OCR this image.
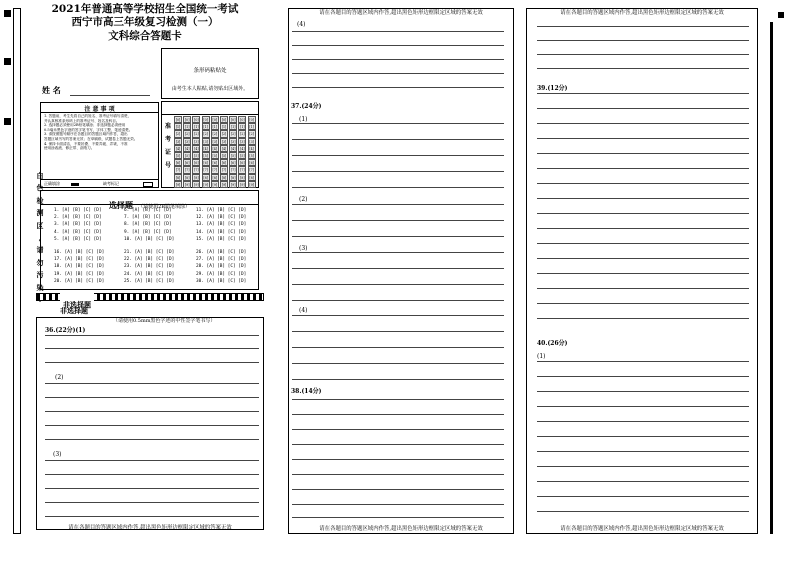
白
色
检
测
区
,
请
勿
污
染
2021年普通高等学校招生全国统一考试
西宁市高三年级复习检测（一）
文科综合答题卡
条形码粘贴处
由考生本人粘贴,请勿贴出区域外。
姓 名
注 意 事 项
1. 答题前，考生先将自己的姓名、准考证号填写清楚，
并认真核准条形码上的准考证号、姓名及科目。
2. 选择题必须使用2B铅笔填涂；非选择题必须使用
0.5毫米黑色字迹的签字笔书写，字体工整、笔迹清楚。
3. 请按照题号顺序在各题目的答题区域内作答，超出
答题区域书写的答案无效；在草稿纸、试题卷上答题无效。
4. 保持卡面清洁，不要折叠、不要弄破、弄皱，不准
使用涂改液、修正带、刮纸刀。
正确填涂	缺考标记
准
考
证
号
[0]
[1]
[2]
[3]
[4]
[5]
[6]
[7]
[8]
[9]
[0]
[1]
[2]
[3]
[4]
[5]
[6]
[7]
[8]
[9]
[0]
[1]
[2]
[3]
[4]
[5]
[6]
[7]
[8]
[9]
[0]
[1]
[2]
[3]
[4]
[5]
[6]
[7]
[8]
[9]
[0]
[1]
[2]
[3]
[4]
[5]
[6]
[7]
[8]
[9]
[0]
[1]
[2]
[3]
[4]
[5]
[6]
[7]
[8]
[9]
[0]
[1]
[2]
[3]
[4]
[5]
[6]
[7]
[8]
[9]
[0]
[1]
[2]
[3]
[4]
[5]
[6]
[7]
[8]
[9]
[0]
[1]
[2]
[3]
[4]
[5]
[6]
[7]
[8]
[9]
选择题 （请使用2B铅笔填涂）
1. [A] [B] [C] [D]
2. [A] [B] [C] [D]
3. [A] [B] [C] [D]
4. [A] [B] [C] [D]
5. [A] [B] [C] [D]
6. [A] [B] [C] [D]
7. [A] [B] [C] [D]
8. [A] [B] [C] [D]
9. [A] [B] [C] [D]
10. [A] [B] [C] [D]
11. [A] [B] [C] [D]
12. [A] [B] [C] [D]
13. [A] [B] [C] [D]
14. [A] [B] [C] [D]
15. [A] [B] [C] [D]
16. [A] [B] [C] [D]
17. [A] [B] [C] [D]
18. [A] [B] [C] [D]
19. [A] [B] [C] [D]
20. [A] [B] [C] [D]
21. [A] [B] [C] [D]
22. [A] [B] [C] [D]
23. [A] [B] [C] [D]
24. [A] [B] [C] [D]
25. [A] [B] [C] [D]
26. [A] [B] [C] [D]
27. [A] [B] [C] [D]
28. [A] [B] [C] [D]
29. [A] [B] [C] [D]
30. [A] [B] [C] [D]
非选择题
（请使用0.5mm黑色字迹的中性签字笔书写）
非选择题
36.(22分)(1)
(2)
(3)
请在各题目的答题区域内作答,超出黑色矩形边框限定区域的答案无效
请在各题目的答题区域内作答,超出黑色矩形边框限定区域的答案无效
(4)
37.(24分)
(1)
(2)
(3)
(4)
38.(14分)
请在各题目的答题区域内作答,超出黑色矩形边框限定区域的答案无效
请在各题目的答题区域内作答,超出黑色矩形边框限定区域的答案无效
39.(12分)
40.(26分)
(1)
请在各题目的答题区域内作答,超出黑色矩形边框限定区域的答案无效
